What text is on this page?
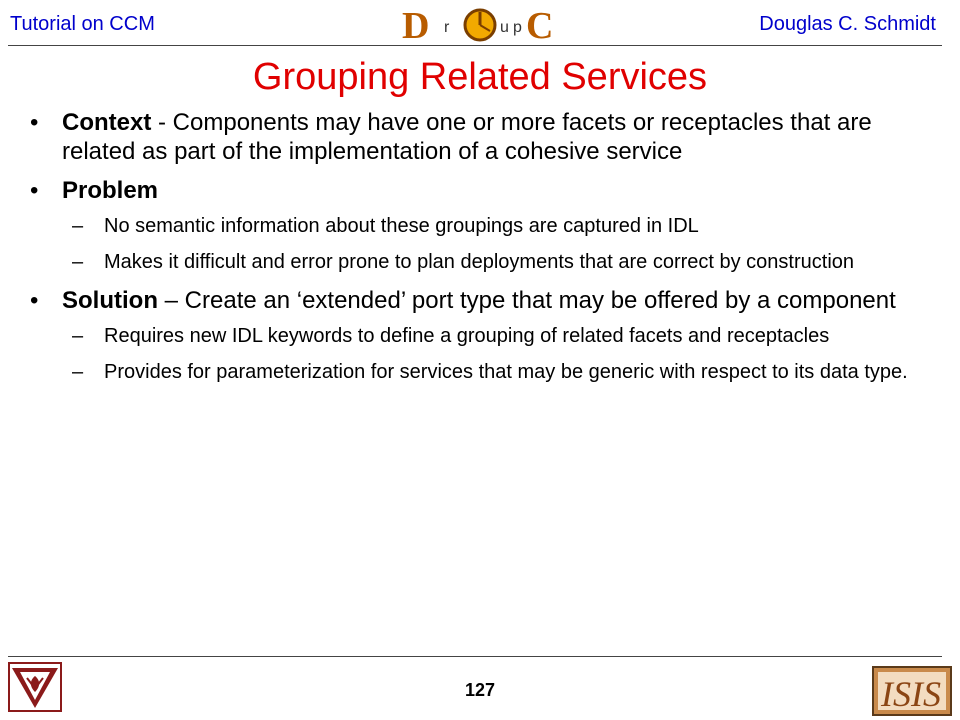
Tutorial on CCM	Douglas C. Schmidt
D r	u p C
Grouping Related Services
• Context - Components may have one or more facets or receptacles that are related as part of the implementation of a cohesive service
• Problem
– No semantic information about these groupings are captured in IDL
– Makes it difficult and error prone to plan deployments that are correct by construction
• Solution – Create an ‘extended’ port type that may be offered by a component
– Requires new IDL keywords to define a grouping of related facets and receptacles
– Provides for parameterization for services that may be generic with respect to its data type.
127	ISIS
